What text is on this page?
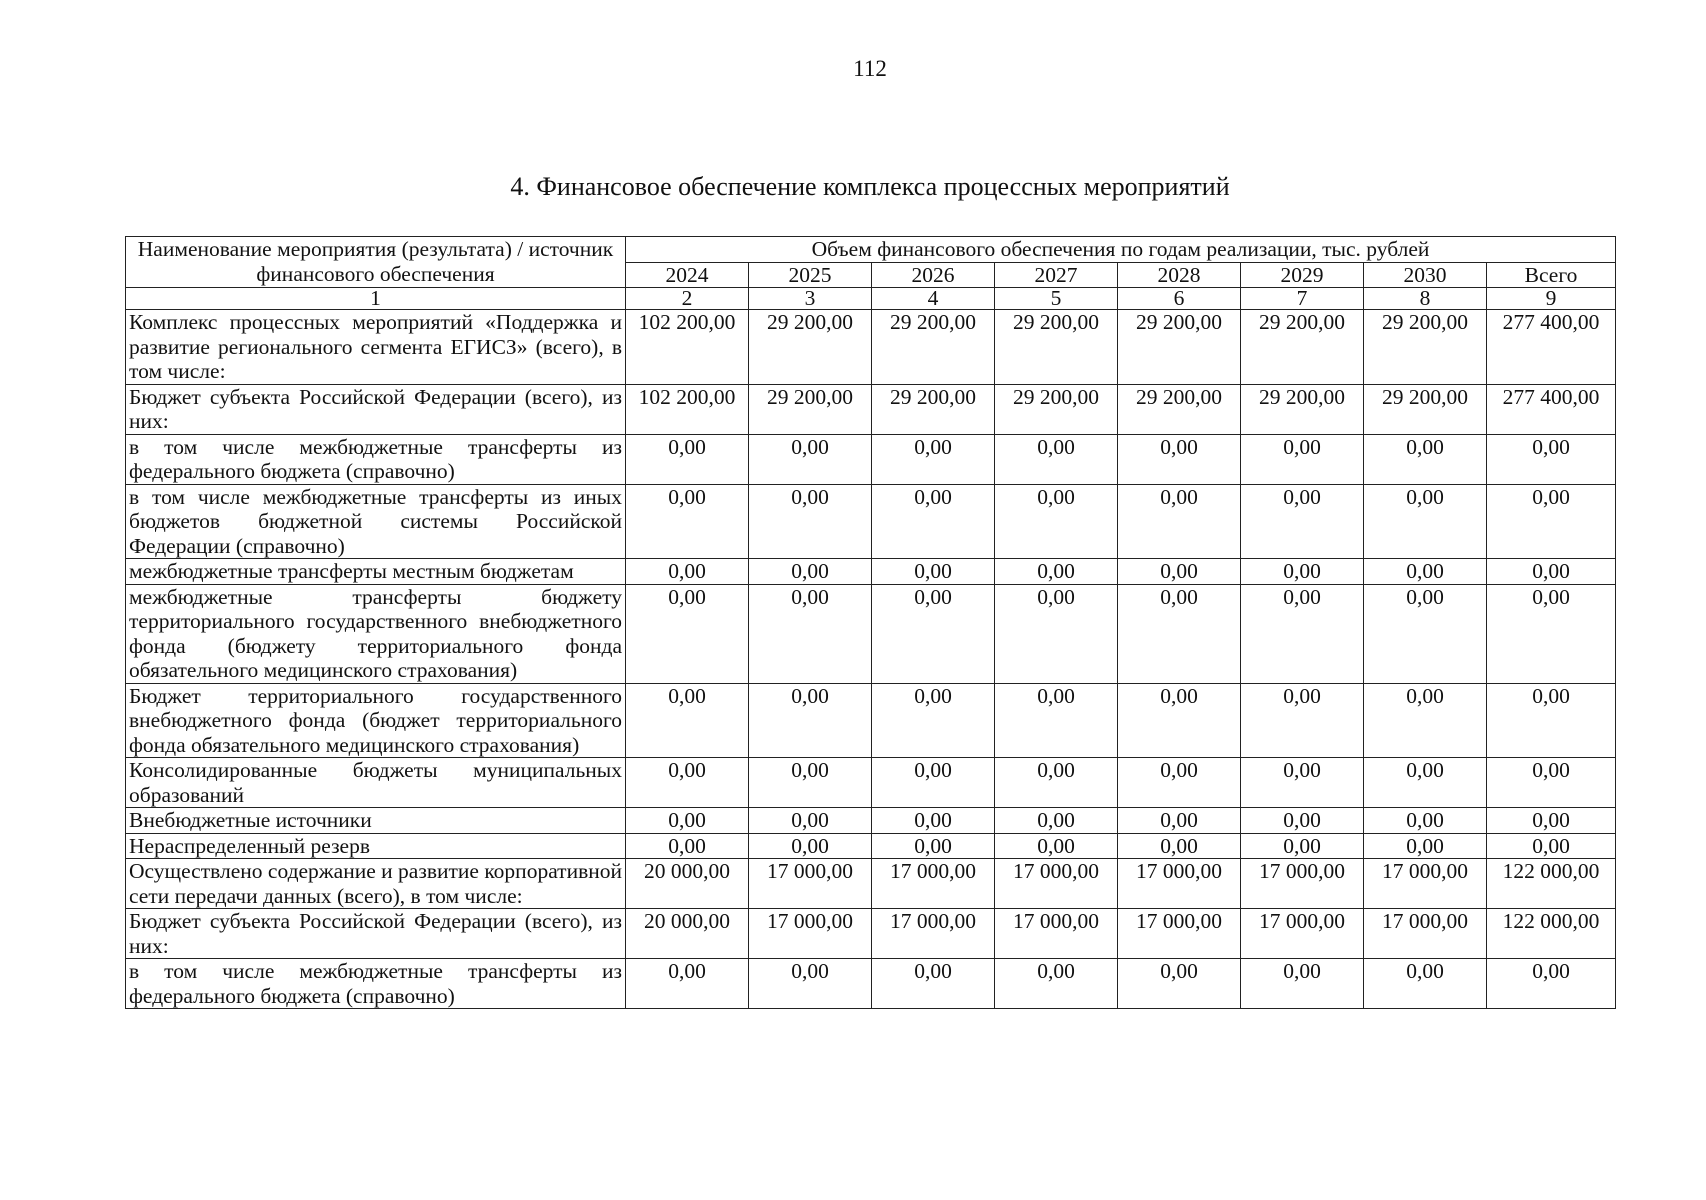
112
4. Финансовое обеспечение комплекса процессных мероприятий
Наименование мероприятия (результата) / источник финансового обеспечения	Объем финансового обеспечения по годам реализации, тыс. рублей							
	2024	2025	2026	2027	2028	2029	2030	Всего
1	2	3	4	5	6	7	8	9
Комплекс процессных мероприятий «Поддержка и развитие регионального сегмента ЕГИСЗ» (всего), в том числе:	102 200,00	29 200,00	29 200,00	29 200,00	29 200,00	29 200,00	29 200,00	277 400,00
Бюджет субъекта Российской Федерации (всего), из них:	102 200,00	29 200,00	29 200,00	29 200,00	29 200,00	29 200,00	29 200,00	277 400,00
в том числе межбюджетные трансферты из федерального бюджета (справочно)	0,00	0,00	0,00	0,00	0,00	0,00	0,00	0,00
в том числе межбюджетные трансферты из иных бюджетов бюджетной системы Российской Федерации (справочно)	0,00	0,00	0,00	0,00	0,00	0,00	0,00	0,00
межбюджетные трансферты местным бюджетам	0,00	0,00	0,00	0,00	0,00	0,00	0,00	0,00
межбюджетные трансферты бюджету территориального государственного внебюджетного фонда (бюджету территориального фонда обязательного медицинского страхования)	0,00	0,00	0,00	0,00	0,00	0,00	0,00	0,00
Бюджет территориального государственного внебюджетного фонда (бюджет территориального фонда обязательного медицинского страхования)	0,00	0,00	0,00	0,00	0,00	0,00	0,00	0,00
Консолидированные бюджеты муниципальных образований	0,00	0,00	0,00	0,00	0,00	0,00	0,00	0,00
Внебюджетные источники	0,00	0,00	0,00	0,00	0,00	0,00	0,00	0,00
Нераспределенный резерв	0,00	0,00	0,00	0,00	0,00	0,00	0,00	0,00
Осуществлено содержание и развитие корпоративной сети передачи данных (всего), в том числе:	20 000,00	17 000,00	17 000,00	17 000,00	17 000,00	17 000,00	17 000,00	122 000,00
Бюджет субъекта Российской Федерации (всего), из них:	20 000,00	17 000,00	17 000,00	17 000,00	17 000,00	17 000,00	17 000,00	122 000,00
в том числе межбюджетные трансферты из федерального бюджета (справочно)	0,00	0,00	0,00	0,00	0,00	0,00	0,00	0,00
